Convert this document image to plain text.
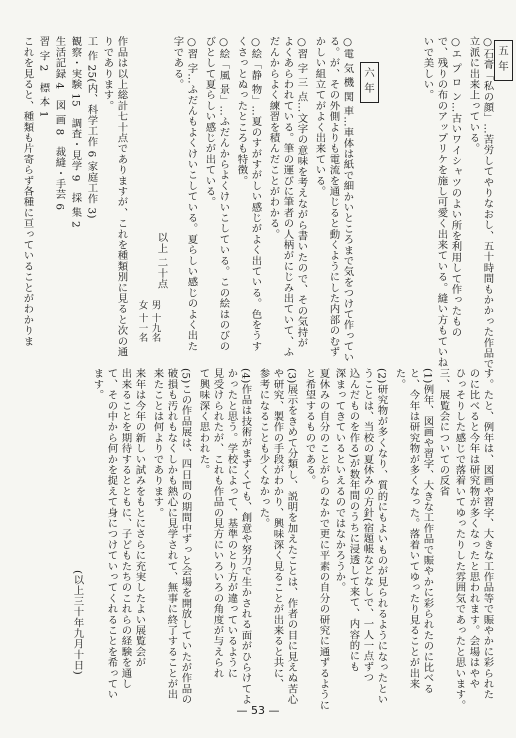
五年
六年	○石膏「私の顔」…苦労してやりなおし、五十時間もかかった作品で
立派に出来上っている。
○エ プ ロ ン…古いワイシャツのよい所を利用して作ったもの
で、残りの布のアップリケを施し可愛く出来ている。縫い方もていね
いで美しい。
○電 気 機 関 車…車体は紙で細かいところまで気をつけて作ってい
る。が、その外側よりも電流を通じると動くようにした内部のむず
かしい組立てがよく出来ている。
○習 字 三 点…文字の意味を考えながら書いたので、その気持が
よくあらわれている。筆の運びに筆者の人柄がにじみ出ていて、ふ
だんからよく練習を積んだことがわかる。
○絵「静 物」…夏のすがすがしい感じがよく出ている。色をうす
くさっとぬったところも特徴。
○絵「風 景」…ふだんからよくけいこしている。この絵はのびの
びとして夏らしい感じが出ている。
○習 字…ふだんもよくけいこしている。夏らしい感じのよく出た
字である。
以上 二十点
男 十九名
女 十一名
作品は以上総計七十点でありますが、これを種類別に見ると次の通
りであります。
工 作 25(内、科学工作 6 家庭工作 3)
観察・実験 15　調査・見学 9　採 集 2
生活記録 4　図 画 8　裁縫・手芸 6
習 字 2　標 本 1
これを見ると、種類も片寄らず各種に亘っていることがわかりま
す。たと、例年は、図画や習字、大きな工作品等で賑やかに彩られた
のに比べると今年は研究物が多くなったと思われます。会場はやや
ひっそりした感じで落着いてゆったりした雰囲気であったと思います。
三、展覧会についての反省
(1)例年、図画や習字、大きな工作品で賑やかに彩られたのに比べる
と、今年は研究物が多くなった。落着いてゆったり見ることが出来
た。
(2)研究物が多くなり、質的にもよいものが見られるようになったとい
うことは、当校の夏休みの方針(宿題帳などなしで、一人一点ずつ
込んだものを作る)が数年間のうちに浸透して来て、内容的にも
深まってきているといえるのではなかろうか。
夏休みの自分のことがらのなかで更に平素の自分の研究に通ずるように
と希望するものである。
(3)展示をきめて分類し、説明を加えたことは、作者の目に見えぬ苦心
や研究、製作の手段がわかり、興味深く見ることが出来ると共に、
参考になることも少くなかった。
(4)作品は技術がまずくても、創意や努力で生かされる面がひらけてよ
かったと思う。学校によって、基準のとり方が違っているように
見受けられたが、これも作品の見方にいろいろの角度が与えられ
て興味深く思われた。
(5)この作品展は、四日間の期間中ずっと会場を開放していたが作品の
破損も汚れもなくしかも熱心に見学されて、無事に終了することが出
来たことは何よりであります。
来年は今年の新しい試みをもとにさらに充実したよい展覧会が
出来ることを期待するとともに、子どもたちのこれらの経験を通し
て、その中から何かを捉えて身につけていってくれることを希ってい
ます。
(以上三十年九月十日)
— 53 —
